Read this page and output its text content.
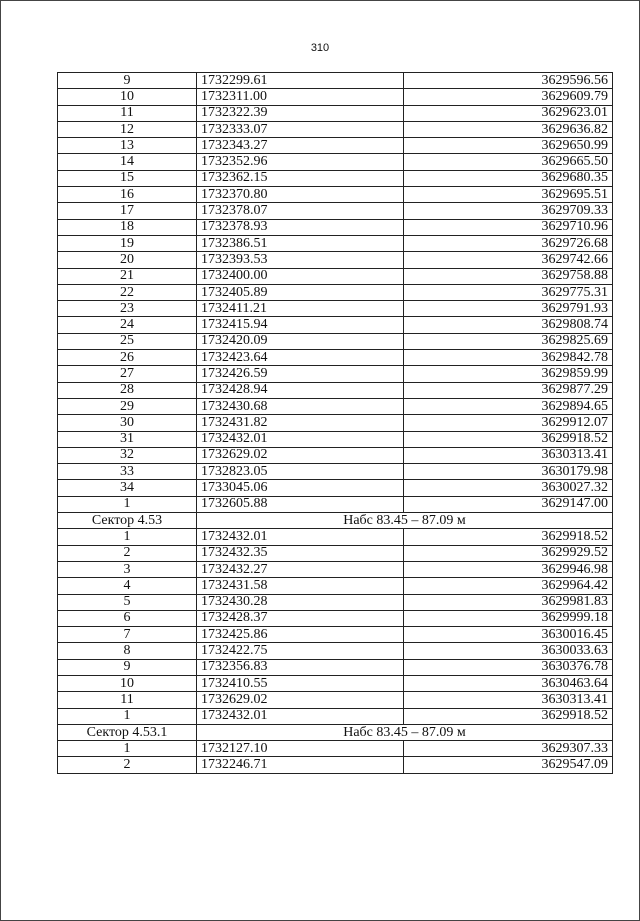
310
9	1732299.61	3629596.56
10	1732311.00	3629609.79
11	1732322.39	3629623.01
12	1732333.07	3629636.82
13	1732343.27	3629650.99
14	1732352.96	3629665.50
15	1732362.15	3629680.35
16	1732370.80	3629695.51
17	1732378.07	3629709.33
18	1732378.93	3629710.96
19	1732386.51	3629726.68
20	1732393.53	3629742.66
21	1732400.00	3629758.88
22	1732405.89	3629775.31
23	1732411.21	3629791.93
24	1732415.94	3629808.74
25	1732420.09	3629825.69
26	1732423.64	3629842.78
27	1732426.59	3629859.99
28	1732428.94	3629877.29
29	1732430.68	3629894.65
30	1732431.82	3629912.07
31	1732432.01	3629918.52
32	1732629.02	3630313.41
33	1732823.05	3630179.98
34	1733045.06	3630027.32
1	1732605.88	3629147.00
Сектор 4.53	Набс 83.45 – 87.09 м	
1	1732432.01	3629918.52
2	1732432.35	3629929.52
3	1732432.27	3629946.98
4	1732431.58	3629964.42
5	1732430.28	3629981.83
6	1732428.37	3629999.18
7	1732425.86	3630016.45
8	1732422.75	3630033.63
9	1732356.83	3630376.78
10	1732410.55	3630463.64
11	1732629.02	3630313.41
1	1732432.01	3629918.52
Сектор 4.53.1	Набс 83.45 – 87.09 м	
1	1732127.10	3629307.33
2	1732246.71	3629547.09
